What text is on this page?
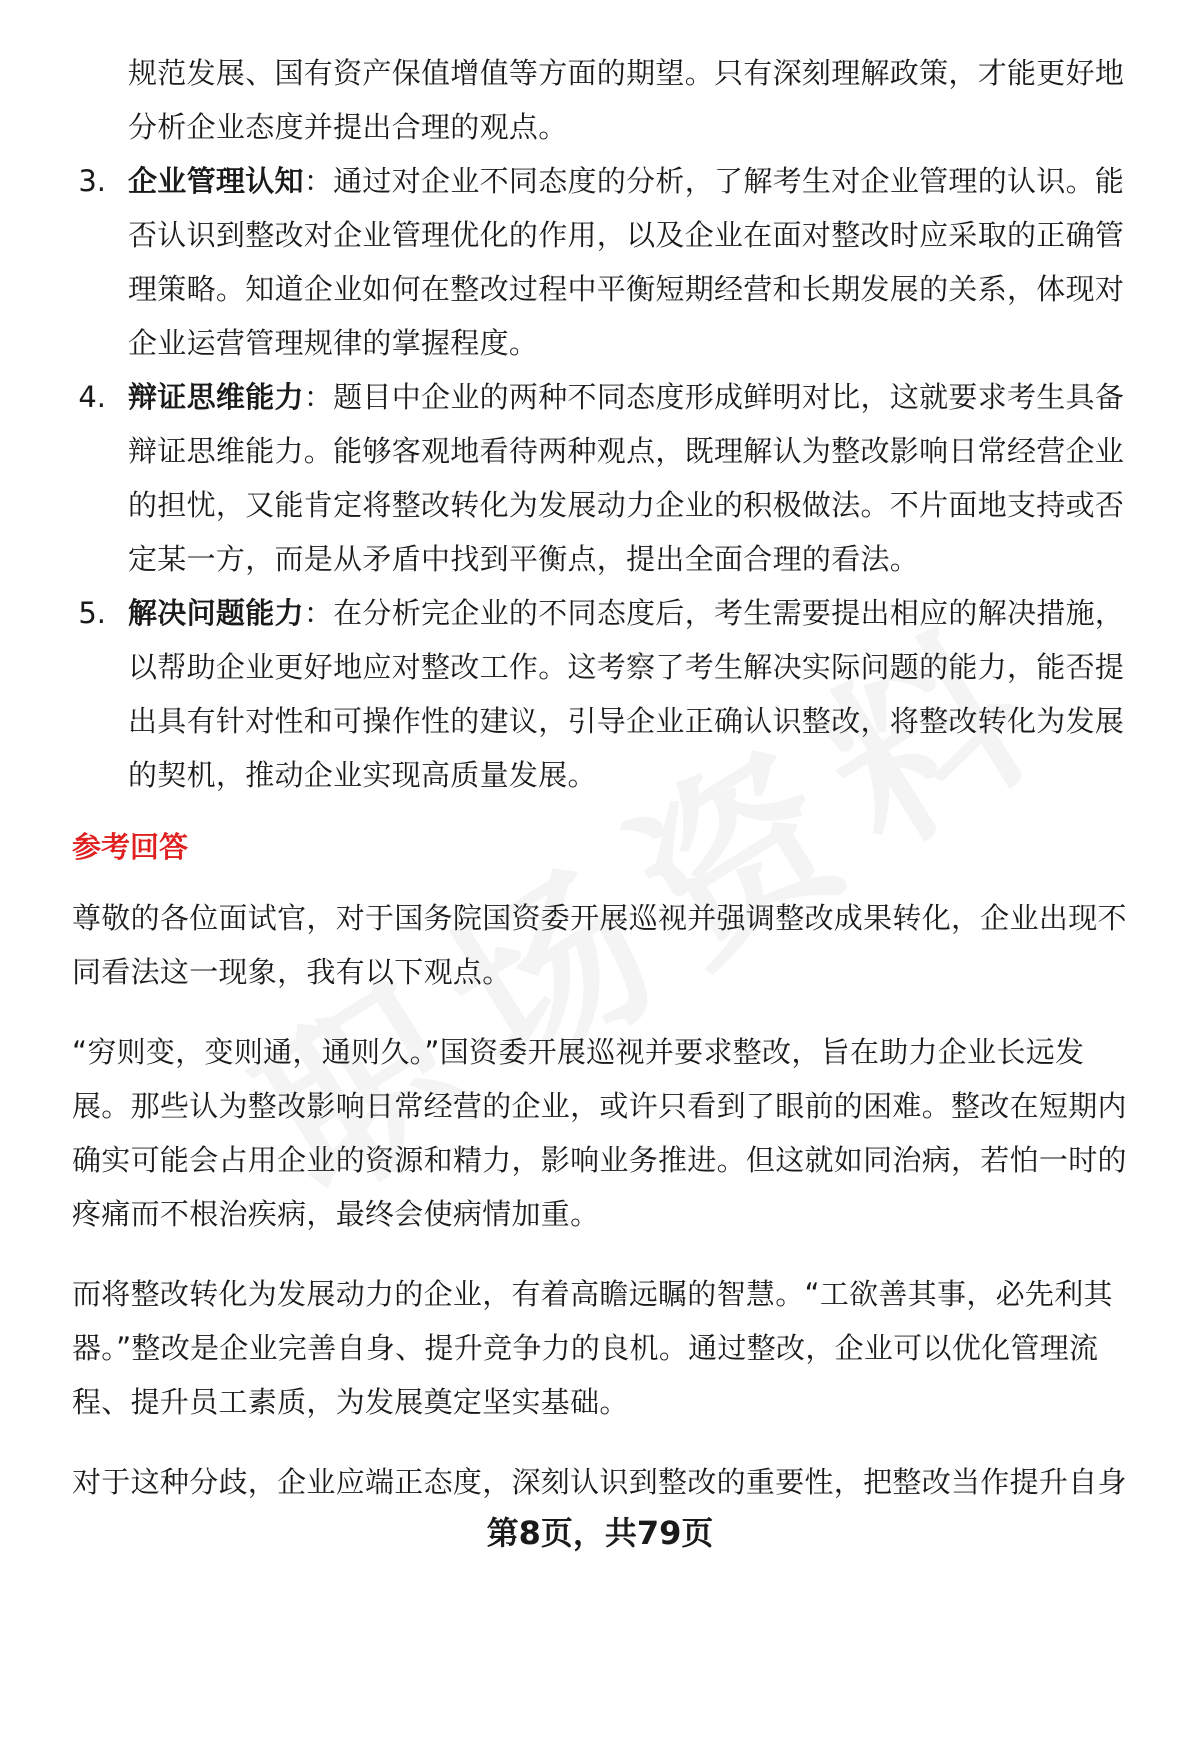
规范发展、国有资产保值增值等方面的期望。只有深刻理解政策，才能更好地
分析企业态度并提出合理的观点。
3. 企业管理认知：通过对企业不同态度的分析，了解考生对企业管理的认识。能
否认识到整改对企业管理优化的作用，以及企业在面对整改时应采取的正确管
理策略。知道企业如何在整改过程中平衡短期经营和长期发展的关系，体现对
企业运营管理规律的掌握程度。
4. 辩证思维能力：题目中企业的两种不同态度形成鲜明对比，这就要求考生具备
辩证思维能力。能够客观地看待两种观点，既理解认为整改影响日常经营企业
的担忧，又能肯定将整改转化为发展动力企业的积极做法。不片面地支持或否
定某一方，而是从矛盾中找到平衡点，提出全面合理的看法。
5. 解决问题能力：在分析完企业的不同态度后，考生需要提出相应的解决措施，
以帮助企业更好地应对整改工作。这考察了考生解决实际问题的能力，能否提
出具有针对性和可操作性的建议，引导企业正确认识整改，将整改转化为发展
的契机，推动企业实现高质量发展。
参考回答
尊敬的各位面试官，对于国务院国资委开展巡视并强调整改成果转化，企业出现不
同看法这一现象，我有以下观点。
“穷则变，变则通，通则久。”国资委开展巡视并要求整改，旨在助力企业长远发
展。那些认为整改影响日常经营的企业，或许只看到了眼前的困难。整改在短期内
确实可能会占用企业的资源和精力，影响业务推进。但这就如同治病，若怕一时的
疼痛而不根治疾病，最终会使病情加重。
而将整改转化为发展动力的企业，有着高瞻远瞩的智慧。“工欲善其事，必先利其
器。”整改是企业完善自身、提升竞争力的良机。通过整改，企业可以优化管理流
程、提升员工素质，为发展奠定坚实基础。
对于这种分歧，企业应端正态度，深刻认识到整改的重要性，把整改当作提升自身
第8页，共79页
